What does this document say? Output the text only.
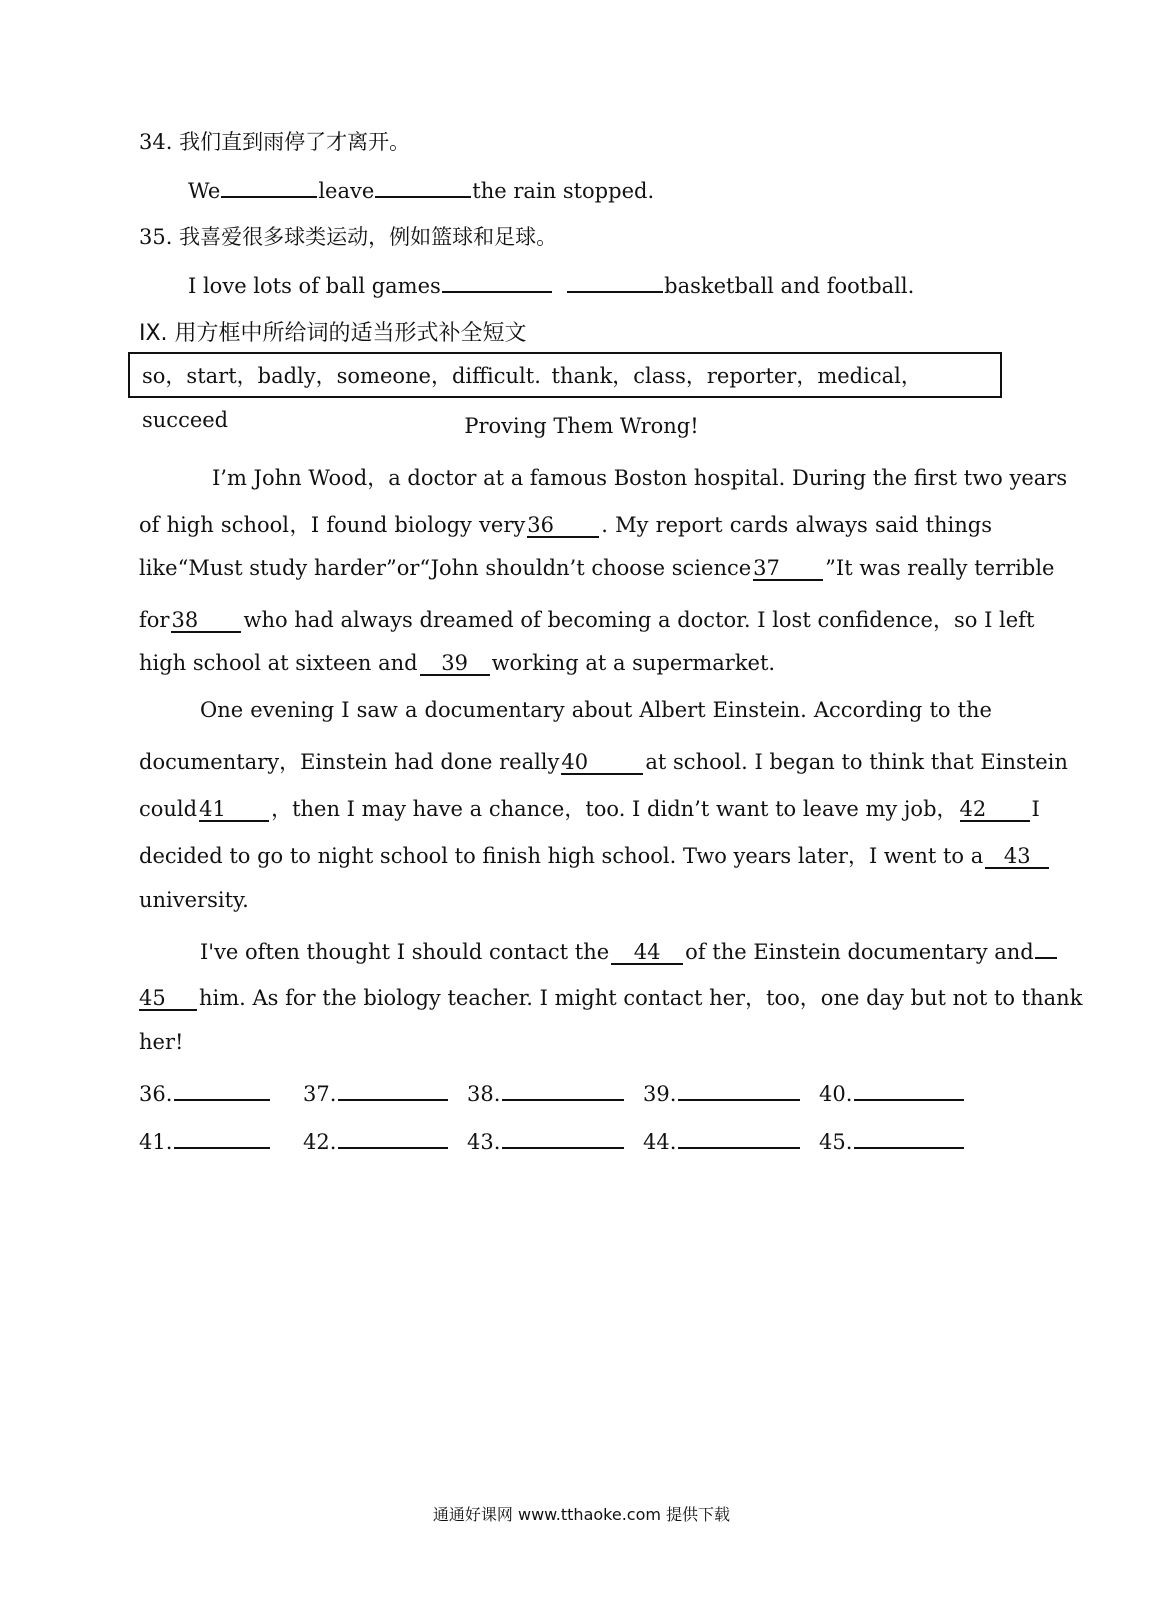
34. 我们直到雨停了才离开。
We	leave	the rain stopped.
35. 我喜爱很多球类运动，例如篮球和足球。
I love lots of ball games	basketball and football.
IX. 用方框中所给词的适当形式补全短文
so，start，badly，someone，difficult. thank，class，reporter，medical，succeed	Proving Them Wrong!
I’m John Wood，a doctor at a famous Boston hospital. During the first two years
of high school，I found biology very36 . My report cards always said things
like“Must study harder”or“John shouldn’t choose science37 ”It was really terrible
for38 who had always dreamed of becoming a doctor. I lost confidence，so I left
high school at sixteen and 39 working at a supermarket.
One evening I saw a documentary about Albert Einstein. According to the
documentary，Einstein had done really40	at school. I began to think that Einstein
could41 ，then I may have a chance，too. I didn’t want to leave my job，42 I
decided to go to night school to finish high school. Two years later，I went to a 43
university.
I've often thought I should contact the 44 of the Einstein documentary and
45 him. As for the biology teacher. I might contact her，too，one day but not to thank
her!
36.	37.	38.	39.	40.
41.	42.	43.	44.	45.
通通好课网 www.tthaoke.com 提供下载
